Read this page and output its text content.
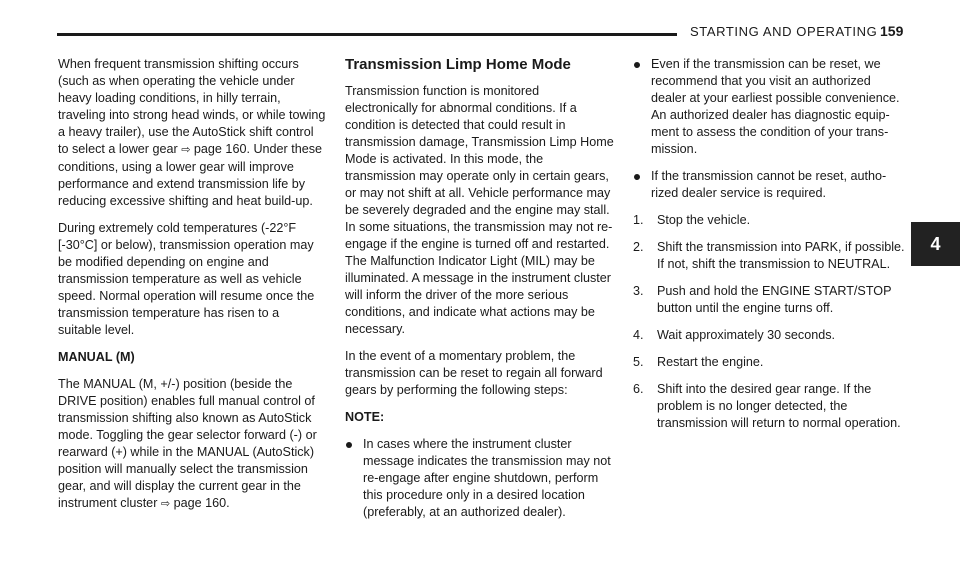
STARTING AND OPERATING 159
4

When frequent transmission shifting occurs (such as when operating the vehicle under heavy loading conditions, in hilly terrain, traveling into strong head winds, or while towing a heavy trailer), use the AutoStick shift control to select a lower gear ⇨ page 160. Under these conditions, using a lower gear will improve performance and extend transmission life by reducing excessive shifting and heat build-up.

During extremely cold temperatures (-22°F [-30°C] or below), transmission operation may be modified depending on engine and transmission temperature as well as vehicle speed. Normal operation will resume once the transmission temperature has risen to a suitable level.

MANUAL (M)

The MANUAL (M, +/-) position (beside the DRIVE position) enables full manual control of transmission shifting also known as AutoStick mode. Toggling the gear selector forward (-) or rearward (+) while in the MANUAL (AutoStick) position will manually select the transmission gear, and will display the current gear in the instrument cluster ⇨ page 160.

Transmission Limp Home Mode

Transmission function is monitored electronically for abnormal conditions. If a condition is detected that could result in transmission damage, Transmission Limp Home Mode is activated. In this mode, the transmission may operate only in certain gears, or may not shift at all. Vehicle performance may be severely degraded and the engine may stall. In some situations, the transmission may not re-engage if the engine is turned off and restarted. The Malfunction Indicator Light (MIL) may be illuminated. A message in the instrument cluster will inform the driver of the more serious conditions, and indicate what actions may be necessary.

In the event of a momentary problem, the transmission can be reset to regain all forward gears by performing the following steps:

NOTE:

In cases where the instrument cluster message indicates the transmission may not re-engage after engine shutdown, perform this procedure only in a desired location (preferably, at an authorized dealer).
Even if the transmission can be reset, we recommend that you visit an authorized dealer at your earliest possible convenience. An authorized dealer has diagnostic equip-ment to assess the condition of your trans-mission.
If the transmission cannot be reset, autho-rized dealer service is required.
1.	Stop the vehicle.
2.	Shift the transmission into PARK, if possible. If not, shift the transmission to NEUTRAL.
3.	Push and hold the ENGINE START/STOP button until the engine turns off.
4.	Wait approximately 30 seconds.
5.	Restart the engine.
6.	Shift into the desired gear range. If the problem is no longer detected, the transmission will return to normal operation.
